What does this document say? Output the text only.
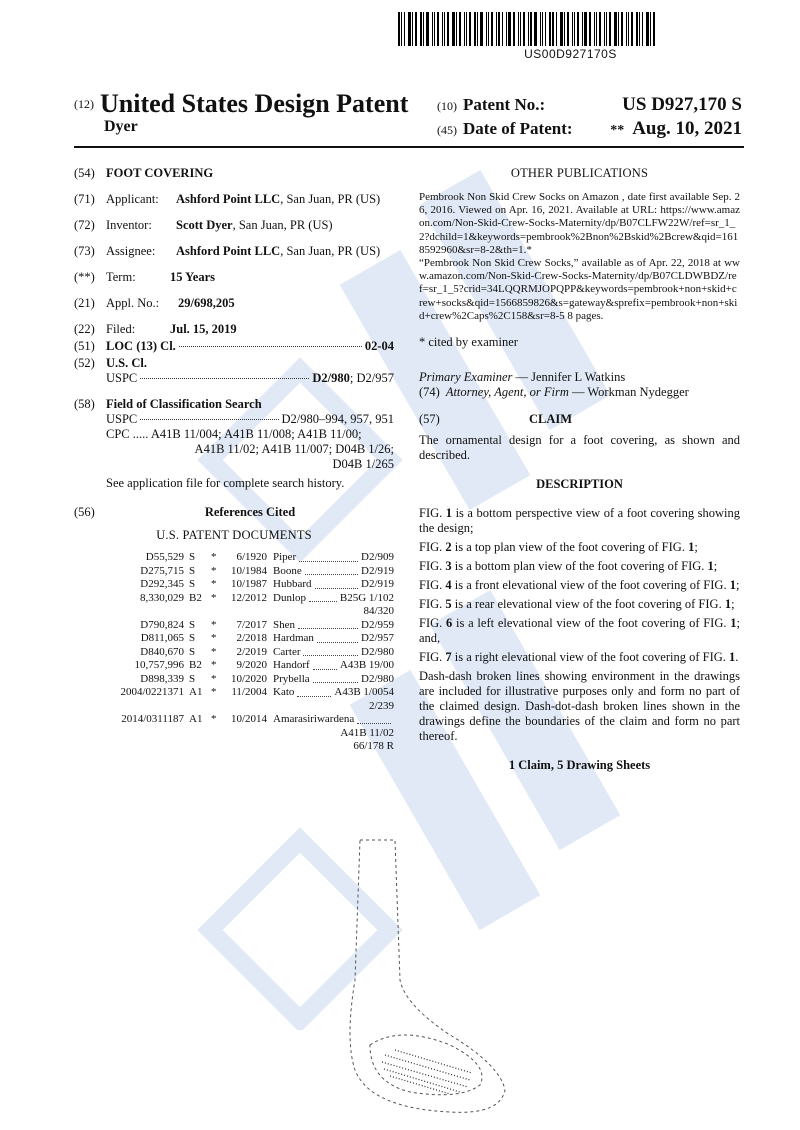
US00D927170S
(12) United States Design Patent
Dyer
(10) Patent No.:	US D927,170 S
(45) Date of Patent:	** Aug. 10, 2021
(54) FOOT COVERING
(71) Applicant:	Ashford Point LLC, San Juan, PR (US)
(72) Inventor:	Scott Dyer, San Juan, PR (US)
(73) Assignee:	Ashford Point LLC, San Juan, PR (US)
(**) Term:	15 Years
(21) Appl. No.:	29/698,205
(22) Filed:	Jul. 15, 2019
(51) LOC (13) Cl.	02-04
(52) U.S. Cl.
USPC	D2/980 ; D2/957
(58) Field of Classification Search
USPC	D2/980–994, 957, 951
CPC ..... A41B 11/004; A41B 11/008; A41B 11/00;
A41B 11/02; A41B 11/007; D04B 1/26;
D04B 1/265
See application file for complete search history.
(56)	References Cited
U.S. PATENT DOCUMENTS
D55,529 S	*	6/1920 Piper	D2/909
D275,715 S	*	10/1984 Boone	D2/919
D292,345 S	*	10/1987 Hubbard	D2/919
8,330,029 B2 *	12/2012 Dunlop	B25G 1/102
84/320
D790,824 S	*	7/2017 Shen	D2/959
D811,065 S	*	2/2018 Hardman	D2/957
D840,670 S	*	2/2019 Carter	D2/980
10,757,996 B2 *	9/2020 Handorf	A43B 19/00
D898,339 S	*	10/2020 Prybella	D2/980
2004/0221371 A1 *	11/2004 Kato	A43B 1/0054
2/239
2014/0311187 A1 *	10/2014 Amarasiriwardena
A41B 11/02
66/178 R
OTHER PUBLICATIONS
Pembrook Non Skid Crew Socks on Amazon , date first available Sep. 26, 2016. Viewed on Apr. 16, 2021. Available at URL: https://www.amazon.com/Non-Skid-Crew-Socks-Maternity/dp/B07CLFW22W/ref=sr_1_2?dchild=1&keywords=pembrook%2Bnon%2Bskid%2Bcrew&qid=1618592960&sr=8-2&th=1.*
“Pembrook Non Skid Crew Socks,” available as of Apr. 22, 2018 at www.amazon.com/Non-Skid-Crew-Socks-Maternity/dp/B07CLDWBDZ/ref=sr_1_5?crid=34LQQRMJOPQPP&keywords=pembrook+non+skid+crew+socks&qid=1566859826&s=gateway&sprefix=pembrook+non+skid+crew%2Caps%2C158&sr=8-5 8 pages.
* cited by examiner
Primary Examiner — Jennifer L Watkins
(74) Attorney, Agent, or Firm — Workman Nydegger
(57)	CLAIM
The ornamental design for a foot covering, as shown and described.
DESCRIPTION
FIG. 1 is a bottom perspective view of a foot covering showing the design;
FIG. 2 is a top plan view of the foot covering of FIG. 1;
FIG. 3 is a bottom plan view of the foot covering of FIG. 1;
FIG. 4 is a front elevational view of the foot covering of FIG. 1;
FIG. 5 is a rear elevational view of the foot covering of FIG. 1;
FIG. 6 is a left elevational view of the foot covering of FIG. 1; and,
FIG. 7 is a right elevational view of the foot covering of FIG. 1.
Dash-dash broken lines showing environment in the drawings are included for illustrative purposes only and form no part of the claimed design. Dash-dot-dash broken lines shown in the drawings define the boundaries of the claim and form no part thereof.
1 Claim, 5 Drawing Sheets
